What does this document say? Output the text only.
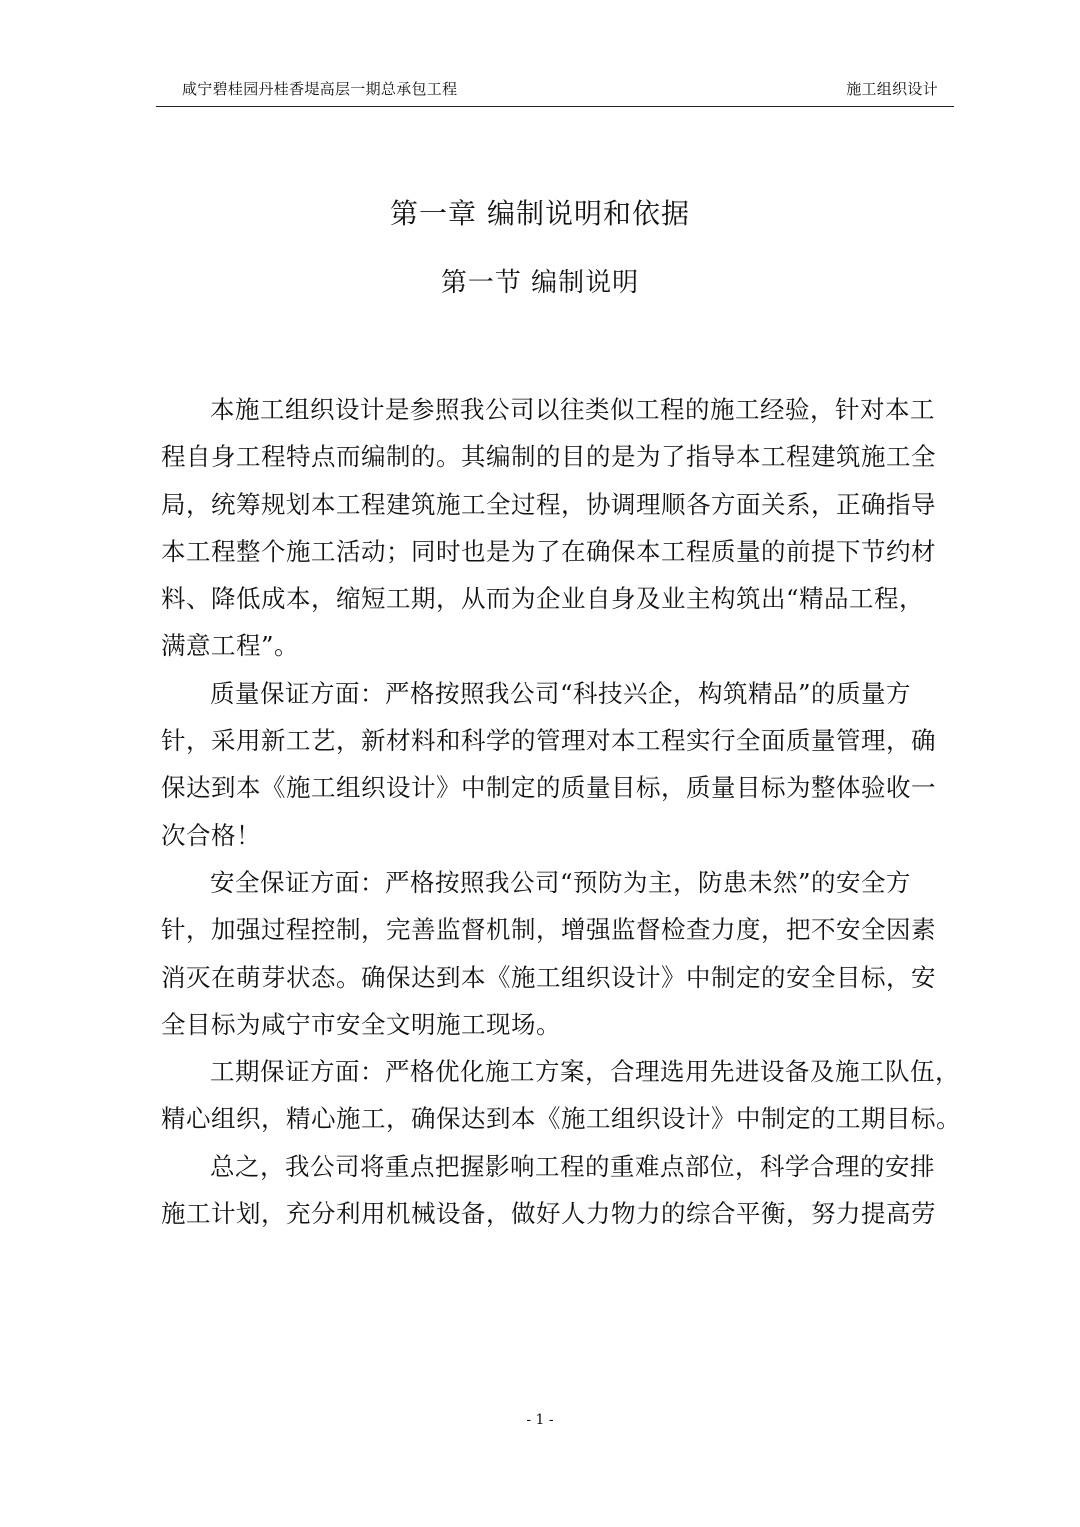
咸宁碧桂园丹桂香堤高层一期总承包工程	施工组织设计
第一章 编制说明和依据
第一节 编制说明

本施工组织设计是参照我公司以往类似工程的施工经验，针对本工
程自身工程特点而编制的。其编制的目的是为了指导本工程建筑施工全
局，统筹规划本工程建筑施工全过程，协调理顺各方面关系，正确指导
本工程整个施工活动；同时也是为了在确保本工程质量的前提下节约材
料、降低成本，缩短工期，从而为企业自身及业主构筑出“精品工程，
满意工程”。

质量保证方面：严格按照我公司“科技兴企，构筑精品”的质量方
针，采用新工艺，新材料和科学的管理对本工程实行全面质量管理，确
保达到本《施工组织设计》中制定的质量目标，质量目标为整体验收一
次合格！

安全保证方面：严格按照我公司“预防为主，防患未然”的安全方
针，加强过程控制，完善监督机制，增强监督检查力度，把不安全因素
消灭在萌芽状态。确保达到本《施工组织设计》中制定的安全目标，安
全目标为咸宁市安全文明施工现场。

工期保证方面：严格优化施工方案，合理选用先进设备及施工队伍，
精心组织，精心施工，确保达到本《施工组织设计》中制定的工期目标。

总之，我公司将重点把握影响工程的重难点部位，科学合理的安排
施工计划，充分利用机械设备，做好人力物力的综合平衡，努力提高劳

- 1 -
